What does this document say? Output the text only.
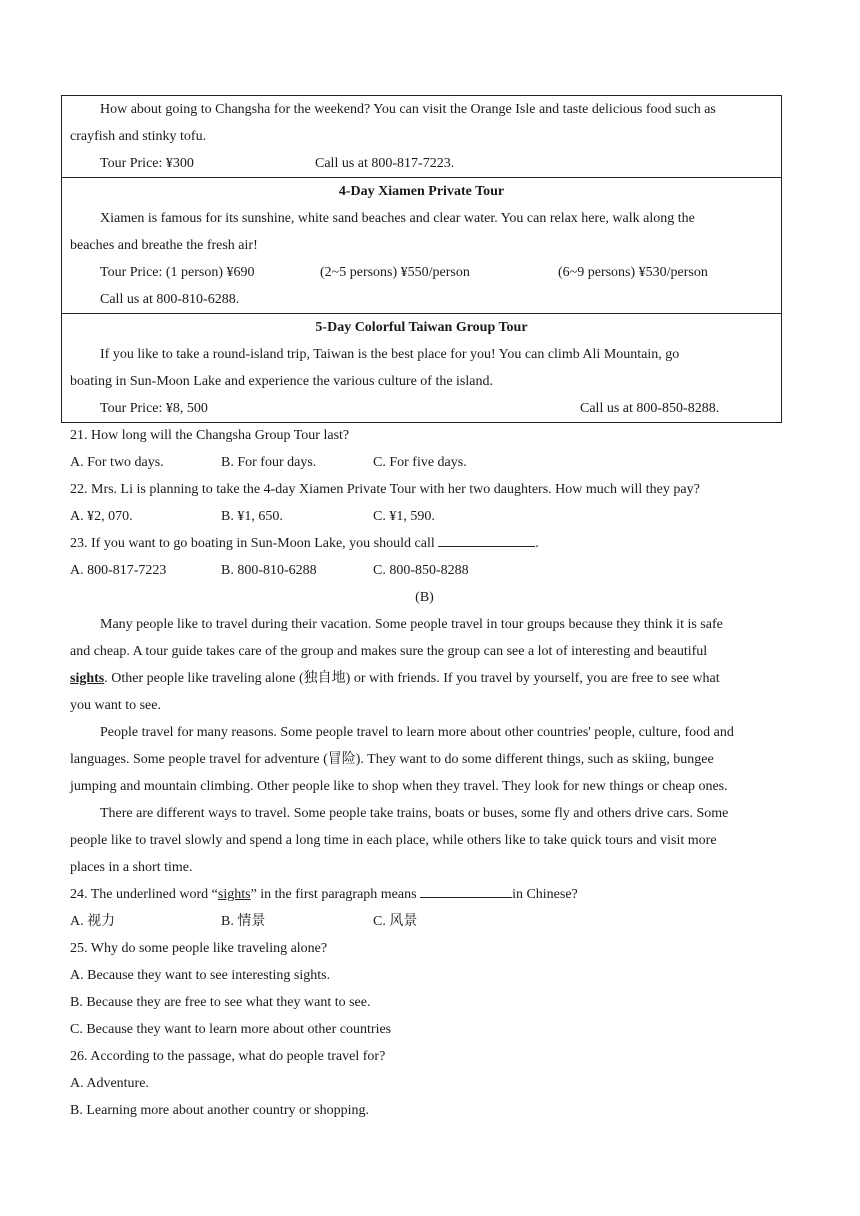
How about going to Changsha for the weekend? You can visit the Orange Isle and taste delicious food such as
crayfish and stinky tofu.
Tour Price: ¥300	Call us at 800-817-7223.
4-Day Xiamen Private Tour
Xiamen is famous for its sunshine, white sand beaches and clear water. You can relax here, walk along the
beaches and breathe the fresh air!
Tour Price: (1 person) ¥690	(2~5 persons) ¥550/person	(6~9 persons) ¥530/person
Call us at 800-810-6288.
5-Day Colorful Taiwan Group Tour
If you like to take a round-island trip, Taiwan is the best place for you! You can climb Ali Mountain, go
boating in Sun-Moon Lake and experience the various culture of the island.
Tour Price: ¥8, 500	Call us at 800-850-8288.
21. How long will the Changsha Group Tour last?
A. For two days.	B. For four days.	C. For five days.
22. Mrs. Li is planning to take the 4-day Xiamen Private Tour with her two daughters. How much will they pay?
A. ¥2, 070.	B. ¥1, 650.	C. ¥1, 590.
23. If you want to go boating in Sun-Moon Lake, you should call	.
A. 800-817-7223	B. 800-810-6288	C. 800-850-8288
(B)
Many people like to travel during their vacation. Some people travel in tour groups because they think it is safe
and cheap. A tour guide takes care of the group and makes sure the group can see a lot of interesting and beautiful
sights. Other people like traveling alone (独自地) or with friends. If you travel by yourself, you are free to see what
you want to see.
People travel for many reasons. Some people travel to learn more about other countries' people, culture, food and
languages. Some people travel for adventure (冒险). They want to do some different things, such as skiing, bungee
jumping and mountain climbing. Other people like to shop when they travel. They look for new things or cheap ones.
There are different ways to travel. Some people take trains, boats or buses, some fly and others drive cars. Some
people like to travel slowly and spend a long time in each place, while others like to take quick tours and visit more
places in a short time.
24. The underlined word “sights” in the first paragraph means	in Chinese?
A. 视力	B. 情景	C. 风景
25. Why do some people like traveling alone?
A. Because they want to see interesting sights.
B. Because they are free to see what they want to see.
C. Because they want to learn more about other countries
26. According to the passage, what do people travel for?
A. Adventure.
B. Learning more about another country or shopping.
